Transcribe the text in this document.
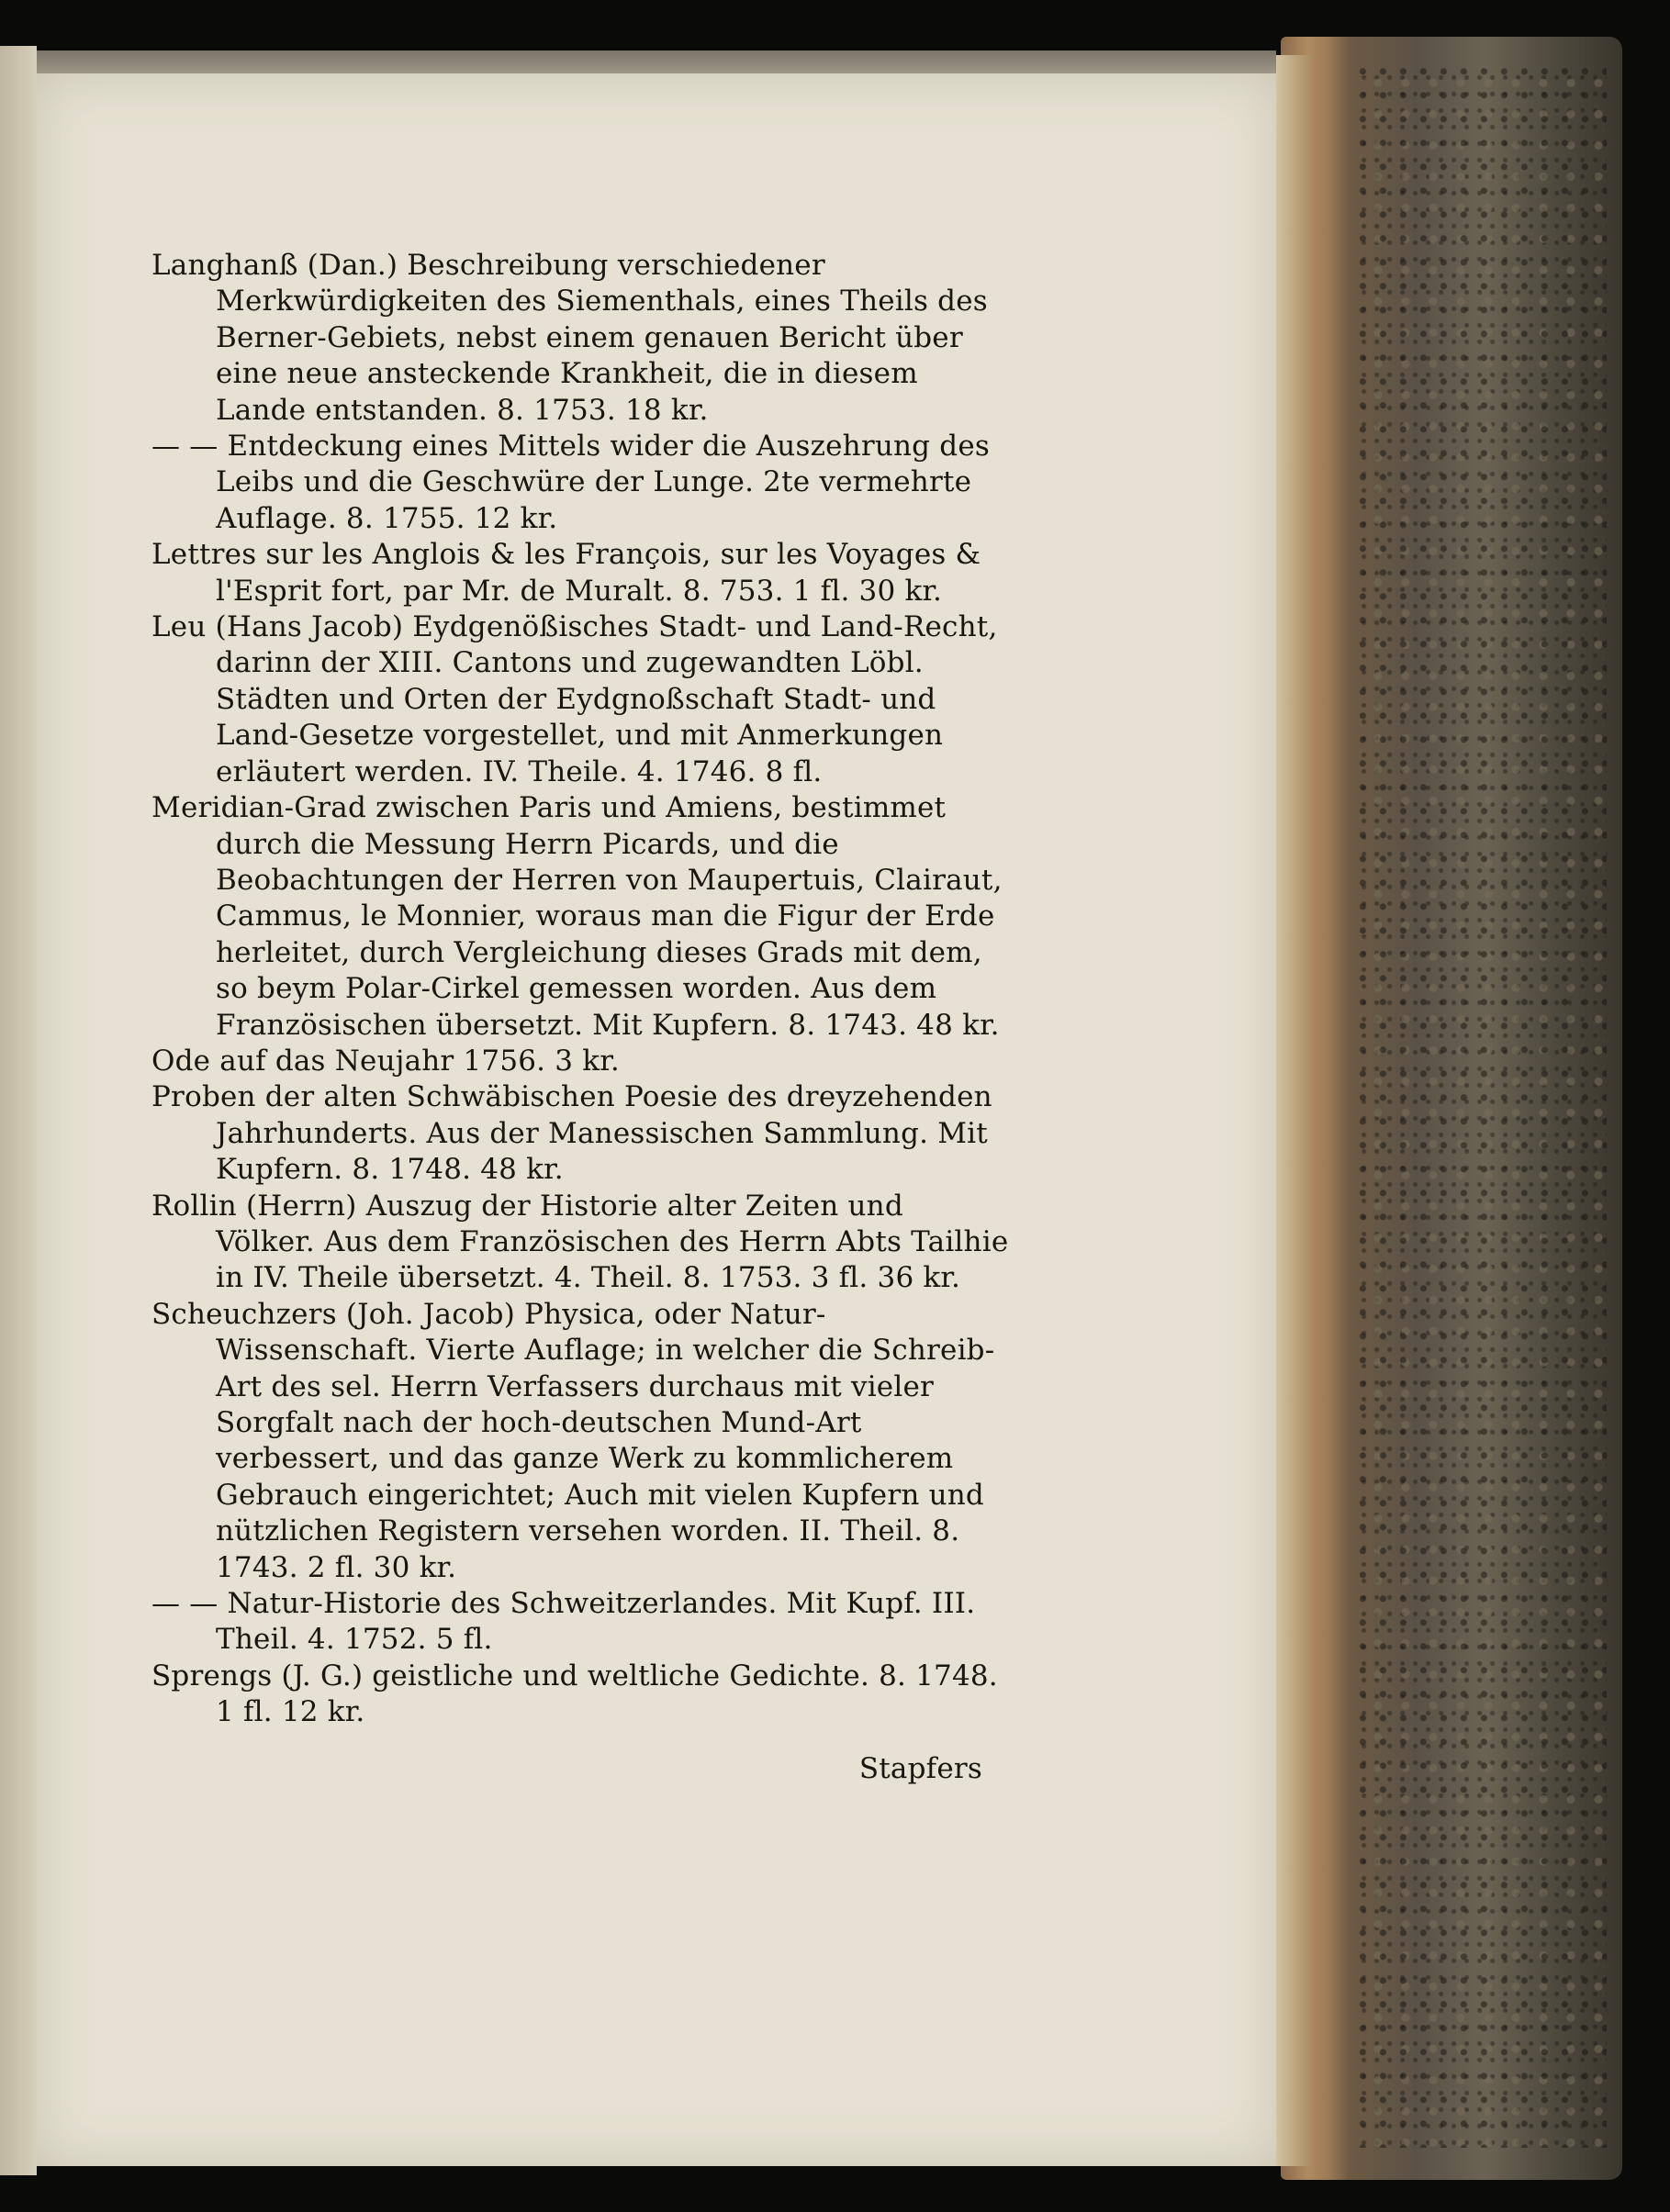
Langhanß (Dan.) Beschreibung verschiedener Merkwürdigkeiten des Siementhals, eines Theils des Berner-Gebiets, nebst einem genauen Bericht über eine neue ansteckende Krankheit, die in diesem Lande entstanden. 8. 1753. 18 kr.

— — Entdeckung eines Mittels wider die Auszehrung des Leibs und die Geschwüre der Lunge. 2te vermehrte Auflage. 8. 1755. 12 kr.

Lettres sur les Anglois & les François, sur les Voyages & l'Esprit fort, par Mr. de Muralt. 8. 753. 1 fl. 30 kr.

Leu (Hans Jacob) Eydgenößisches Stadt- und Land-Recht, darinn der XIII. Cantons und zugewandten Löbl. Städten und Orten der Eydgnoßschaft Stadt- und Land-Gesetze vorgestellet, und mit Anmerkungen erläutert werden. IV. Theile. 4. 1746. 8 fl.

Meridian-Grad zwischen Paris und Amiens, bestimmet durch die Messung Herrn Picards, und die Beobachtungen der Herren von Maupertuis, Clairaut, Cammus, le Monnier, woraus man die Figur der Erde herleitet, durch Vergleichung dieses Grads mit dem, so beym Polar-Cirkel gemessen worden. Aus dem Französischen übersetzt. Mit Kupfern. 8. 1743. 48 kr.

Ode auf das Neujahr 1756. 3 kr.

Proben der alten Schwäbischen Poesie des dreyzehenden Jahrhunderts. Aus der Manessischen Sammlung. Mit Kupfern. 8. 1748. 48 kr.

Rollin (Herrn) Auszug der Historie alter Zeiten und Völker. Aus dem Französischen des Herrn Abts Tailhie in IV. Theile übersetzt. 4. Theil. 8. 1753. 3 fl. 36 kr.

Scheuchzers (Joh. Jacob) Physica, oder Natur-Wissenschaft. Vierte Auflage; in welcher die Schreib-Art des sel. Herrn Verfassers durchaus mit vieler Sorgfalt nach der hoch-deutschen Mund-Art verbessert, und das ganze Werk zu kommlicherem Gebrauch eingerichtet; Auch mit vielen Kupfern und nützlichen Registern versehen worden. II. Theil. 8. 1743. 2 fl. 30 kr.

— — Natur-Historie des Schweitzerlandes. Mit Kupf. III. Theil. 4. 1752. 5 fl.

Sprengs (J. G.) geistliche und weltliche Gedichte. 8. 1748. 1 fl. 12 kr.

Stapfers
